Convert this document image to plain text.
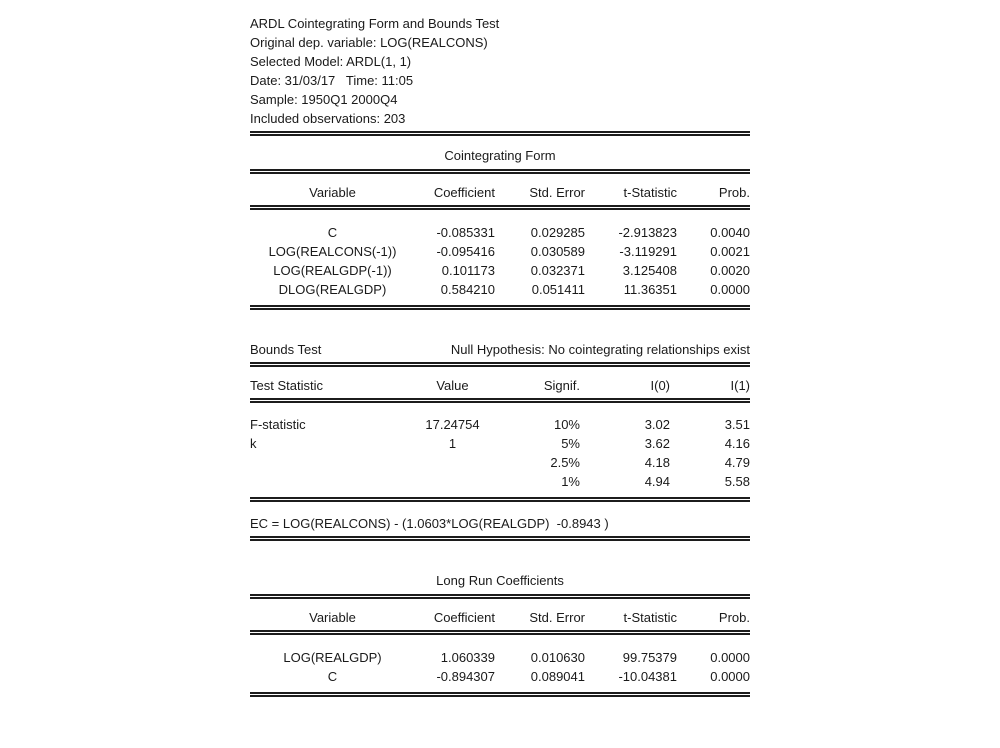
ARDL Cointegrating Form and Bounds Test
Original dep. variable: LOG(REALCONS)
Selected Model: ARDL(1, 1)
Date: 31/03/17   Time: 11:05
Sample: 1950Q1 2000Q4
Included observations: 203
Cointegrating Form
Variable	Coefficient	Std. Error	t-Statistic	Prob.
C	-0.085331	0.029285	-2.913823	0.0040
LOG(REALCONS(-1))	-0.095416	0.030589	-3.119291	0.0021
LOG(REALGDP(-1))	0.101173	0.032371	3.125408	0.0020
DLOG(REALGDP)	0.584210	0.051411	11.36351	0.0000
Bounds Test	Null Hypothesis: No cointegrating relationships exist
Test Statistic	Value	Signif.	I(0)	I(1)
F-statistic	17.24754	10%	3.02	3.51
k	1	5%	3.62	4.16
		2.5%	4.18	4.79
		1%	4.94	5.58
EC = LOG(REALCONS) - (1.0603*LOG(REALGDP)  -0.8943 )
Long Run Coefficients
Variable	Coefficient	Std. Error	t-Statistic	Prob.
LOG(REALGDP)	1.060339	0.010630	99.75379	0.0000
C	-0.894307	0.089041	-10.04381	0.0000
